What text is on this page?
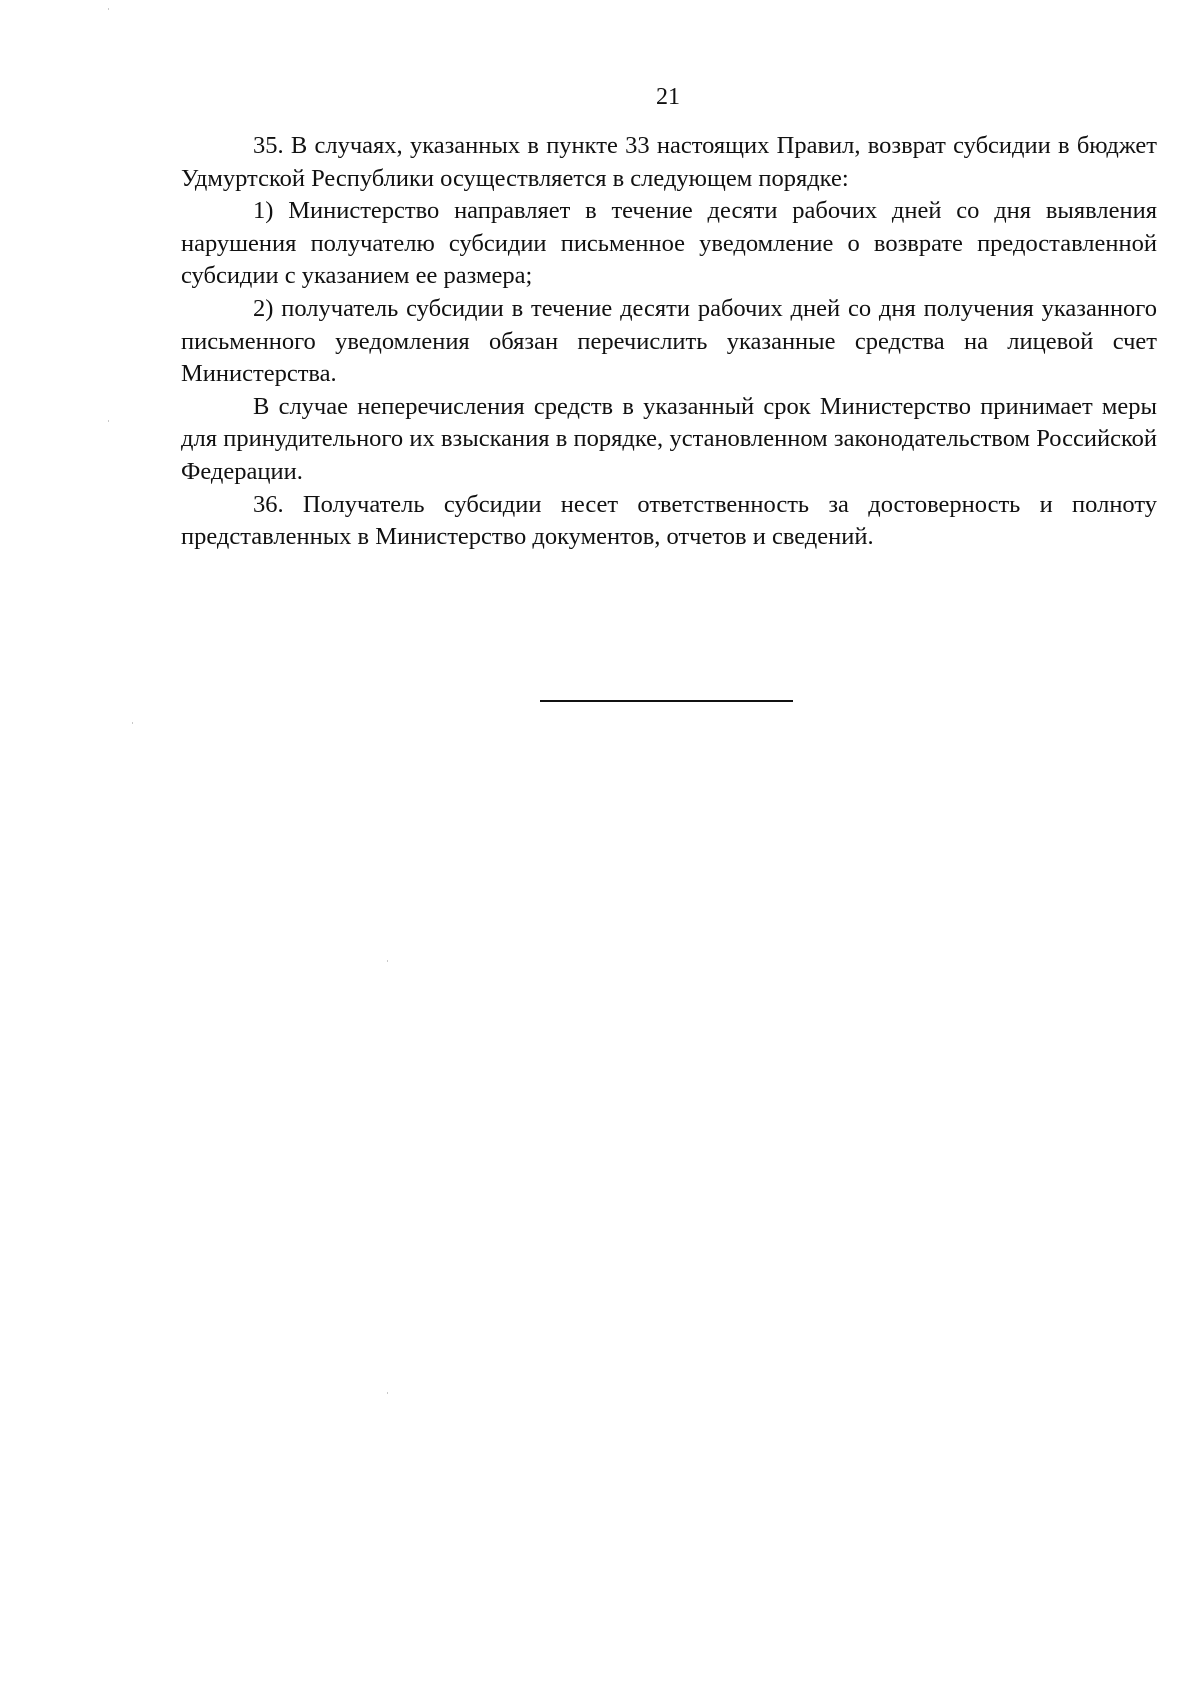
21

35. В случаях, указанных в пункте 33 настоящих Правил, возврат субсидии в бюджет Удмуртской Республики осуществляется в следующем порядке:

1) Министерство направляет в течение десяти рабочих дней со дня выявления нарушения получателю субсидии письменное уведомление о возврате предоставленной субсидии с указанием ее размера;

2) получатель субсидии в течение десяти рабочих дней со дня получения указанного письменного уведомления обязан перечислить указанные средства на лицевой счет Министерства.

В случае неперечисления средств в указанный срок Министерство принимает меры для принудительного их взыскания в порядке, установленном законодательством Российской Федерации.

36. Получатель субсидии несет ответственность за достоверность и полноту представленных в Министерство документов, отчетов и сведений.
